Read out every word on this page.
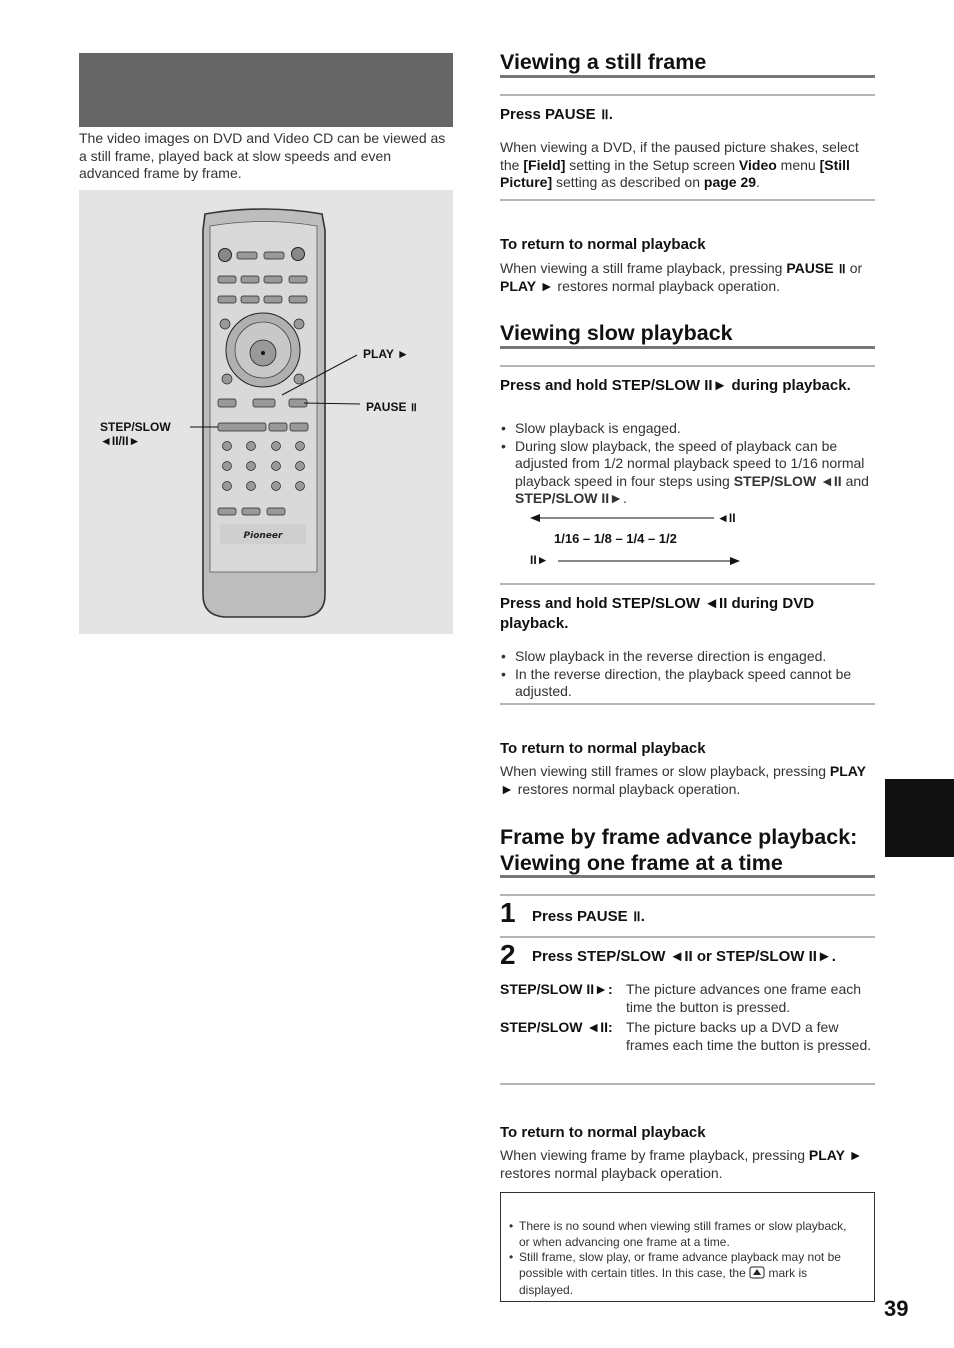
The video images on DVD and Video CD can be viewed as a still frame, played back at slow speeds and even advanced frame by frame.

Pioneer
PLAY ►
PAUSE ॥
STEP/SLOW
◄II/II►
Viewing a still frame
Press PAUSE ॥.

When viewing a DVD, if the paused picture shakes, select the [Field] setting in the Setup screen Video menu [Still Picture] setting as described on page 29.

To return to normal playback

When viewing a still frame playback, pressing PAUSE ॥ or PLAY ► restores normal playback operation.

Viewing slow playback
Press and hold STEP/SLOW II► during playback.
• Slow playback is engaged.
• During slow playback, the speed of playback can be adjusted from 1/2 normal playback speed to 1/16 normal playback speed in four steps using STEP/SLOW ◄II and STEP/SLOW II►.
◄II
1/16 – 1/8 – 1/4 – 1/2
II►
Press and hold STEP/SLOW ◄II during DVD playback.
• Slow playback in the reverse direction is engaged.
• In the reverse direction, the playback speed cannot be adjusted.
To return to normal playback

When viewing still frames or slow playback, pressing PLAY ► restores normal playback operation.

Frame by frame advance playback:
Viewing one frame at a time
1 Press PAUSE ॥.
2 Press STEP/SLOW ◄II or STEP/SLOW II►.
STEP/SLOW II►: The picture advances one frame each time the button is pressed.
STEP/SLOW ◄II: The picture backs up a DVD a few frames each time the button is pressed.
To return to normal playback

When viewing frame by frame playback, pressing PLAY ► restores normal playback operation.

• There is no sound when viewing still frames or slow playback, or when advancing one frame at a time.
• Still frame, slow play, or frame advance playback may not be possible with certain titles. In this case, the  mark is displayed.
39
